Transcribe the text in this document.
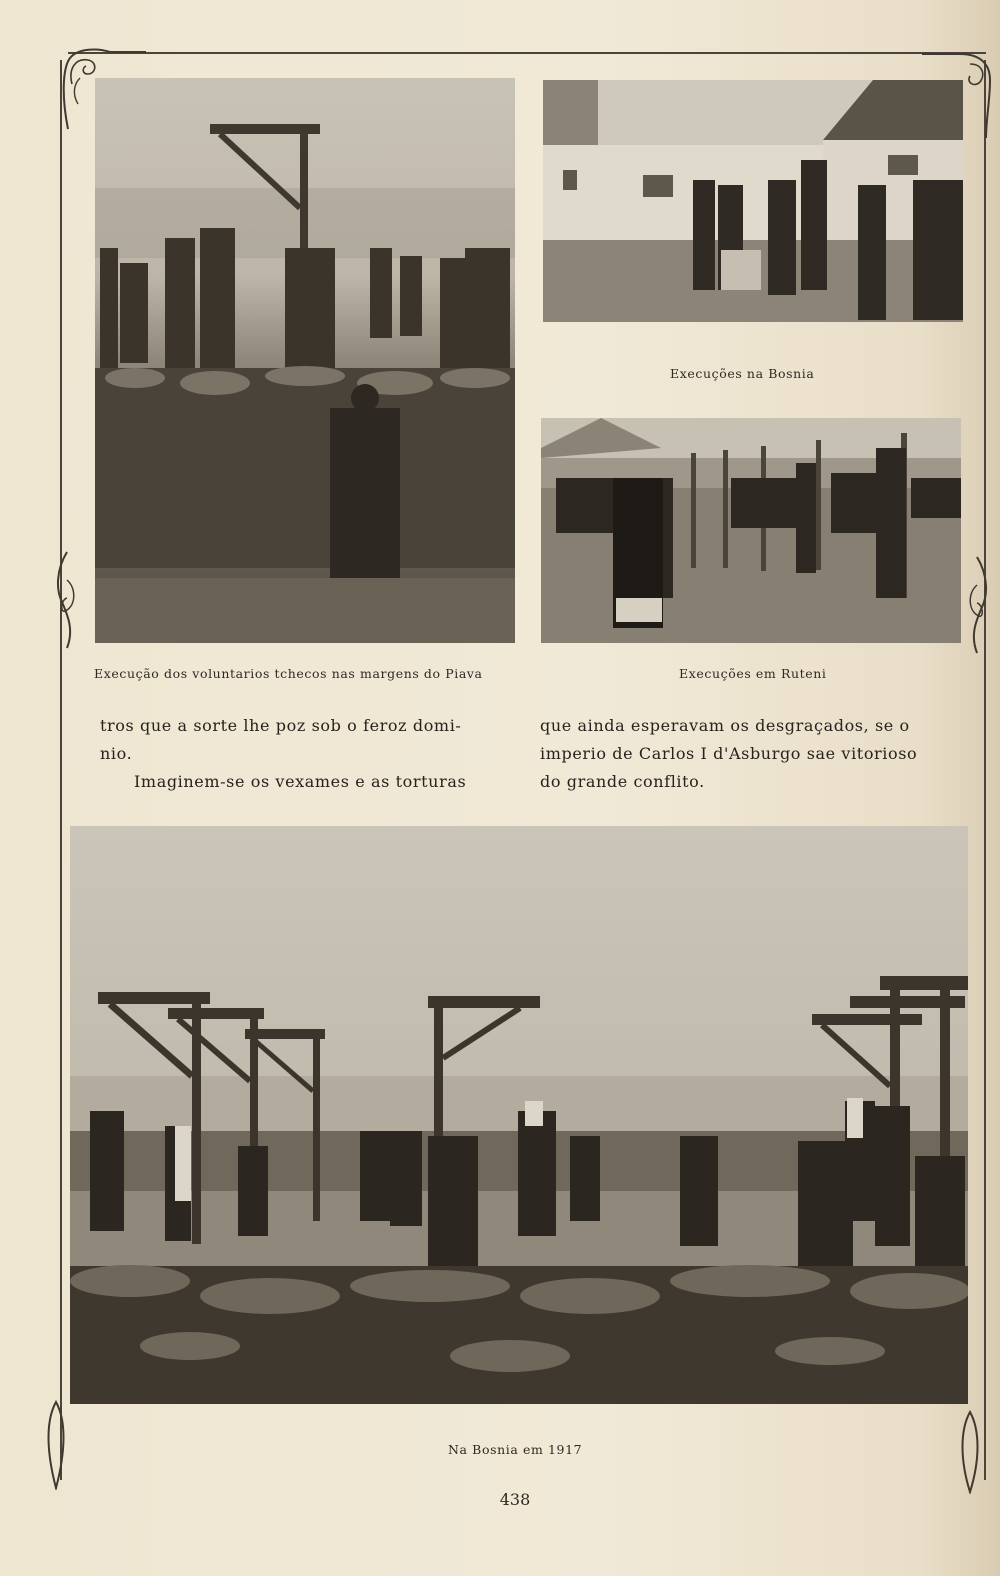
Execuções na Bosnia
Execução dos voluntarios tchecos nas margens do Piava	Execuções em Ruteni

tros que a sorte lhe poz sob o feroz domi-

nio.

Imaginem-se os vexames e as torturas

que ainda esperavam os desgraçados, se o

imperio de Carlos I d'Asburgo sae vitorioso

do grande conflito.

Na Bosnia em 1917
438
